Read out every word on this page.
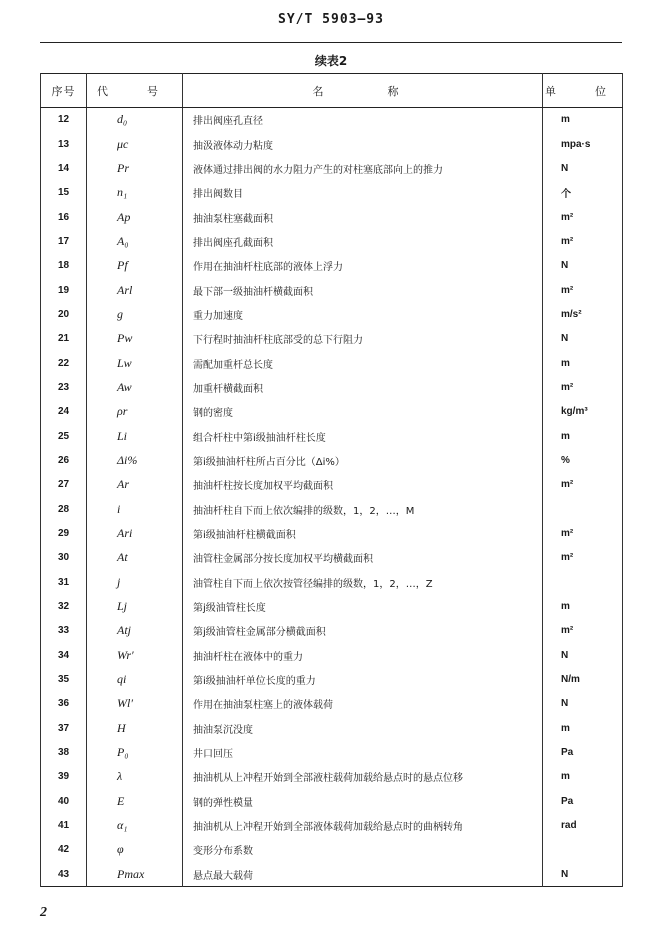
SY/T 5903—93
续表2
序号	代　号	名　　称	单　位
12	d₀	排出阀座孔直径	m
13	μc	抽汲液体动力粘度	mpa·s
14	Pr	液体通过排出阀的水力阻力产生的对柱塞底部向上的推力	N
15	n₁	排出阀数目	个
16	Ap	抽油泵柱塞截面积	m²
17	A₀	排出阀座孔截面积	m²
18	Pf	作用在抽油杆柱底部的液体上浮力	N
19	Arl	最下部一级抽油杆横截面积	m²
20	g	重力加速度	m/s²
21	Pw	下行程时抽油杆柱底部受的总下行阻力	N
22	Lw	需配加重杆总长度	m
23	Aw	加重杆横截面积	m²
24	ρr	钢的密度	kg/m³
25	Li	组合杆柱中第i级抽油杆柱长度	m
26	Δi%	第i级抽油杆柱所占百分比（Δi%）	%
27	Ar	抽油杆柱按长度加权平均截面积	m²
28	i	抽油杆柱自下而上依次编排的级数，1，2，…，M	
29	Ari	第i级抽油杆柱横截面积	m²
30	At	油管柱金属部分按长度加权平均横截面积	m²
31	j	油管柱自下而上依次按管径编排的级数，1，2，…，Z	
32	Lj	第j级油管柱长度	m
33	Atj	第j级油管柱金属部分横截面积	m²
34	Wr′	抽油杆柱在液体中的重力	N
35	qi	第i级抽油杆单位长度的重力	N/m
36	Wl′	作用在抽油泵柱塞上的液体载荷	N
37	H	抽油泵沉没度	m
38	P₀	井口回压	Pa
39	λ	抽油机从上冲程开始到全部液柱载荷加载给悬点时的悬点位移	m
40	E	钢的弹性模量	Pa
41	α₁	抽油机从上冲程开始到全部液体载荷加载给悬点时的曲柄转角	rad
42	φ	变形分布系数	
43	Pmax	悬点最大载荷	N
2
